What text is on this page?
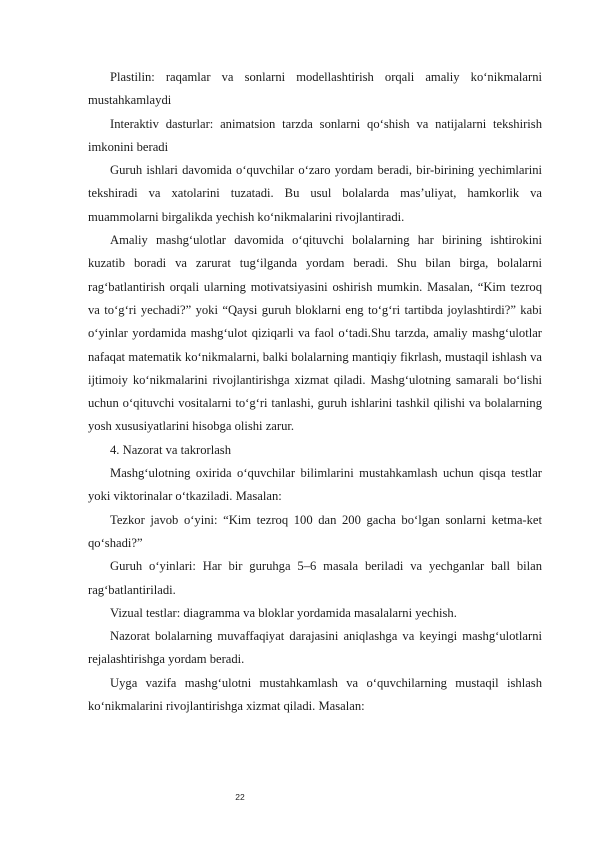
Plastilin: raqamlar va sonlarni modellashtirish orqali amaliy ko‘nikmalarni mustahkamlaydi

Interaktiv dasturlar: animatsion tarzda sonlarni qo‘shish va natijalarni tekshirish imkonini beradi

Guruh ishlari davomida o‘quvchilar o‘zaro yordam beradi, bir-birining yechimlarini tekshiradi va xatolarini tuzatadi. Bu usul bolalarda mas’uliyat, hamkorlik va muammolarni birgalikda yechish ko‘nikmalarini rivojlantiradi.

Amaliy mashg‘ulotlar davomida o‘qituvchi bolalarning har birining ishtirokini kuzatib boradi va zarurat tug‘ilganda yordam beradi. Shu bilan birga, bolalarni rag‘batlantirish orqali ularning motivatsiyasini oshirish mumkin. Masalan, “Kim tezroq va to‘g‘ri yechadi?” yoki “Qaysi guruh bloklarni eng to‘g‘ri tartibda joylashtirdi?” kabi o‘yinlar yordamida mashg‘ulot qiziqarli va faol o‘tadi.Shu tarzda, amaliy mashg‘ulotlar nafaqat matematik ko‘nikmalarni, balki bolalarning mantiqiy fikrlash, mustaqil ishlash va ijtimoiy ko‘nikmalarini rivojlantirishga xizmat qiladi. Mashg‘ulotning samarali bo‘lishi uchun o‘qituvchi vositalarni to‘g‘ri tanlashi, guruh ishlarini tashkil qilishi va bolalarning yosh xususiyatlarini hisobga olishi zarur.

4. Nazorat va takrorlash

Mashg‘ulotning oxirida o‘quvchilar bilimlarini mustahkamlash uchun qisqa testlar yoki viktorinalar o‘tkaziladi. Masalan:

Tezkor javob o‘yini: “Kim tezroq 100 dan 200 gacha bo‘lgan sonlarni ketma-ket qo‘shadi?”

Guruh o‘yinlari: Har bir guruhga 5–6 masala beriladi va yechganlar ball bilan rag‘batlantiriladi.

Vizual testlar: diagramma va bloklar yordamida masalalarni yechish.

Nazorat bolalarning muvaffaqiyat darajasini aniqlashga va keyingi mashg‘ulotlarni rejalashtirishga yordam beradi.

Uyga vazifa mashg‘ulotni mustahkamlash va o‘quvchilarning mustaqil ishlash ko‘nikmalarini rivojlantirishga xizmat qiladi. Masalan:

22
